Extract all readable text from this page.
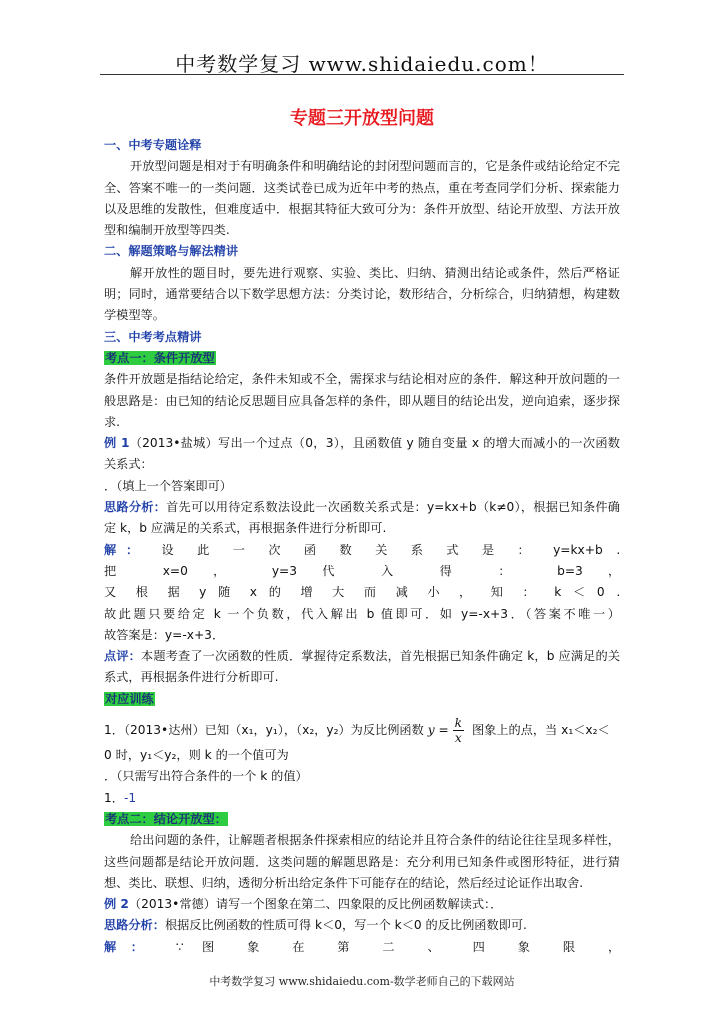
中考数学复习 www.shidaiedu.com！
专题三开放型问题

一、中考专题诠释

开放型问题是相对于有明确条件和明确结论的封闭型问题而言的，它是条件或结论给定不完全、答案不唯一的一类问题．这类试卷已成为近年中考的热点，重在考查同学们分析、探索能力以及思维的发散性，但难度适中．根据其特征大致可分为：条件开放型、结论开放型、方法开放型和编制开放型等四类.

二、解题策略与解法精讲

解开放性的题目时，要先进行观察、实验、类比、归纳、猜测出结论或条件，然后严格证明；同时，通常要结合以下数学思想方法：分类讨论，数形结合，分析综合，归纳猜想，构建数学模型等。

三、中考考点精讲

考点一：条件开放型

条件开放题是指结论给定，条件未知或不全，需探求与结论相对应的条件．解这种开放问题的一般思路是：由已知的结论反思题目应具备怎样的条件，即从题目的结论出发，逆向追索，逐步探求.

例 1（2013•盐城）写出一个过点（0，3），且函数值 y 随自变量 x 的增大而减小的一次函数关系式：

．（填上一个答案即可）

思路分析：首先可以用待定系数法设此一次函数关系式是：y=kx+b（k≠0），根据已知条件确定 k，b 应满足的关系式，再根据条件进行分析即可.

解： 设 此 一 次 函 数 关 系 式 是 ： y=kx+b .

把 x=0 ， y=3 代 入 得 ： b=3 ，

又 根 据 y 随 x 的 增 大 而 减 小 ， 知 ： k ＜ 0 .

故此题只要给定 k 一个负数，代入解出 b 值即可．如 y=-x+3．（答案不唯一）

故答案是：y=-x+3．

点评：本题考查了一次函数的性质．掌握待定系数法，首先根据已知条件确定 k，b 应满足的关系式，再根据条件进行分析即可.

对应训练

1．（2013•达州）已知（x₁，y₁），（x₂，y₂）为反比例函数 $y = \frac{k}{x}$ 图象上的点，当 x₁＜x₂＜

0 时，y₁＜y₂，则 k 的一个值可为

．（只需写出符合条件的一个 k 的值）

1．-1

考点二：结论开放型：

给出问题的条件，让解题者根据条件探索相应的结论并且符合条件的结论往往呈现多样性，这些问题都是结论开放问题．这类问题的解题思路是：充分利用已知条件或图形特征，进行猜想、类比、联想、归纳，透彻分析出给定条件下可能存在的结论，然后经过论证作出取舍.

例 2（2013•常德）请写一个图象在第二、四象限的反比例函数解读式：．

思路分析：根据反比例函数的性质可得 k＜0，写一个 k＜0 的反比例函数即可.

解： ∵ 图 象 在 第 二 、 四 象 限 ，

中考数学复习 www.shidaiedu.com-数学老师自己的下载网站
